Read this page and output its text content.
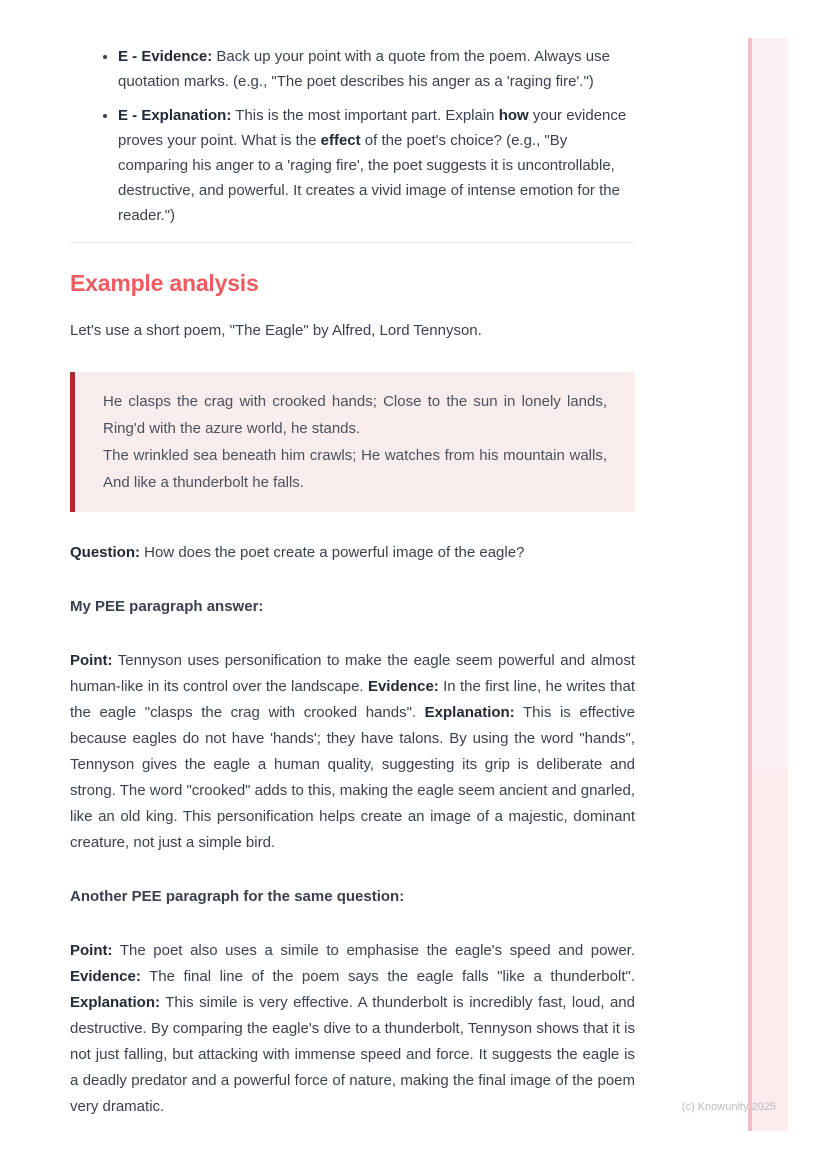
• E - Evidence: Back up your point with a quote from the poem. Always use quotation marks. (e.g., "The poet describes his anger as a 'raging fire'.")
• E - Explanation: This is the most important part. Explain how your evidence proves your point. What is the effect of the poet's choice? (e.g., "By comparing his anger to a 'raging fire', the poet suggests it is uncontrollable, destructive, and powerful. It creates a vivid image of intense emotion for the reader.")
Example analysis

Let's use a short poem, "The Eagle" by Alfred, Lord Tennyson.

He clasps the crag with crooked hands; Close to the sun in lonely lands, Ring'd with the azure world, he stands.

The wrinkled sea beneath him crawls; He watches from his mountain walls, And like a thunderbolt he falls.

Question: How does the poet create a powerful image of the eagle?

My PEE paragraph answer:

Point: Tennyson uses personification to make the eagle seem powerful and almost human-like in its control over the landscape. Evidence: In the first line, he writes that the eagle "clasps the crag with crooked hands". Explanation: This is effective because eagles do not have 'hands'; they have talons. By using the word "hands", Tennyson gives the eagle a human quality, suggesting its grip is deliberate and strong. The word "crooked" adds to this, making the eagle seem ancient and gnarled, like an old king. This personification helps create an image of a majestic, dominant creature, not just a simple bird.

Another PEE paragraph for the same question:

Point: The poet also uses a simile to emphasise the eagle's speed and power. Evidence: The final line of the poem says the eagle falls "like a thunderbolt". Explanation: This simile is very effective. A thunderbolt is incredibly fast, loud, and destructive. By comparing the eagle's dive to a thunderbolt, Tennyson shows that it is not just falling, but attacking with immense speed and force. It suggests the eagle is a deadly predator and a powerful force of nature, making the final image of the poem very dramatic.	(c) Knowunity 2025
